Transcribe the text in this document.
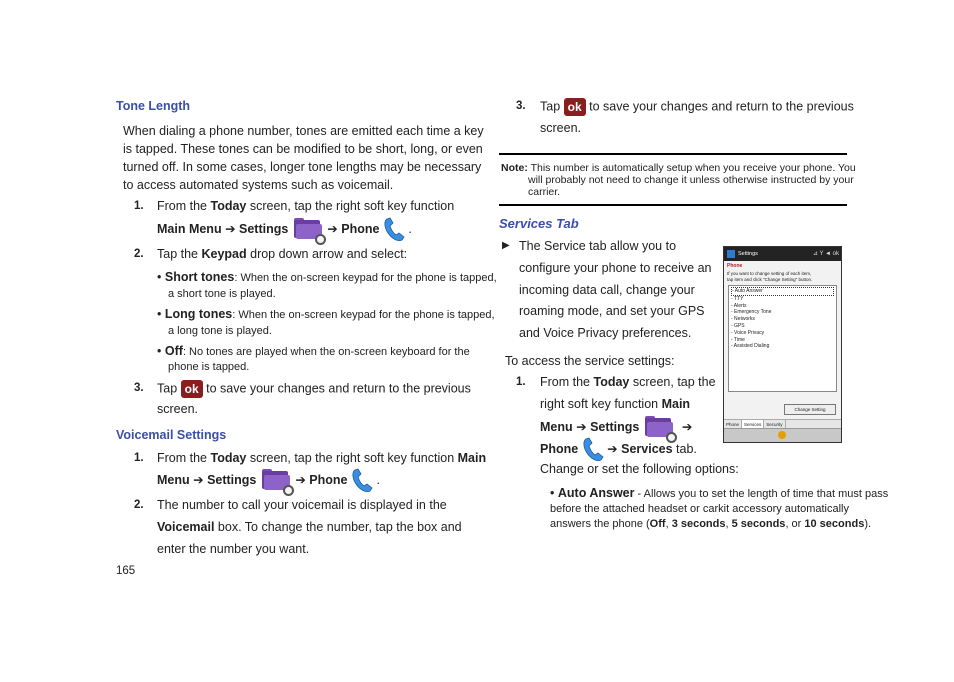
Tone Length
When dialing a phone number, tones are emitted each time a key
is tapped. These tones can be modified to be short, long, or even
turned off. In some cases, longer tone lengths may be necessary
to access automated systems such as voicemail.
1. From the Today screen, tap the right soft key function
Main Menu ➔ Settings	➔ Phone .
2. Tap the Keypad drop down arrow and select:
• Short tones: When the on-screen keypad for the phone is tapped,
a short tone is played.
• Long tones: When the on-screen keypad for the phone is tapped,
a long tone is played.
• Off: No tones are played when the on-screen keyboard for the
phone is tapped.
3. Tap ok to save your changes and return to the previous
screen.
Voicemail Settings
1. From the Today screen, tap the right soft key function Main
Menu ➔ Settings	➔ Phone .
2. The number to call your voicemail is displayed in the
Voicemail box. To change the number, tap the box and
enter the number you want.
165
3. Tap ok to save your changes and return to the previous
screen.
Note: This number is automatically setup when you receive your phone. You
will probably not need to change it unless otherwise instructed by your
carrier.
Services Tab
▶ The Service tab allow you to
configure your phone to receive an
incoming data call, change your
roaming mode, and set your GPS
and Voice Privacy preferences.
To access the service settings:
1. From the Today screen, tap the
right soft key function Main
Menu ➔ Settings	➔
Phone  ➔ Services tab.
Change or set the following options:
• Auto Answer - Allows you to set the length of time that must pass
before the attached headset or carkit accessory automatically
answers the phone (Off, 3 seconds, 5 seconds, or 10 seconds).
Settings	⊿ Y ◄ ok
Phone
If you want to change setting of each item,
tap item and click "Change Setting" button.
- Auto Answer
- TTY
- Alerts
- Emergency Tone
- Networks
- GPS
- Voice Privacy
- Time
- Assisted Dialing
Change Setting
Phone Services Security
